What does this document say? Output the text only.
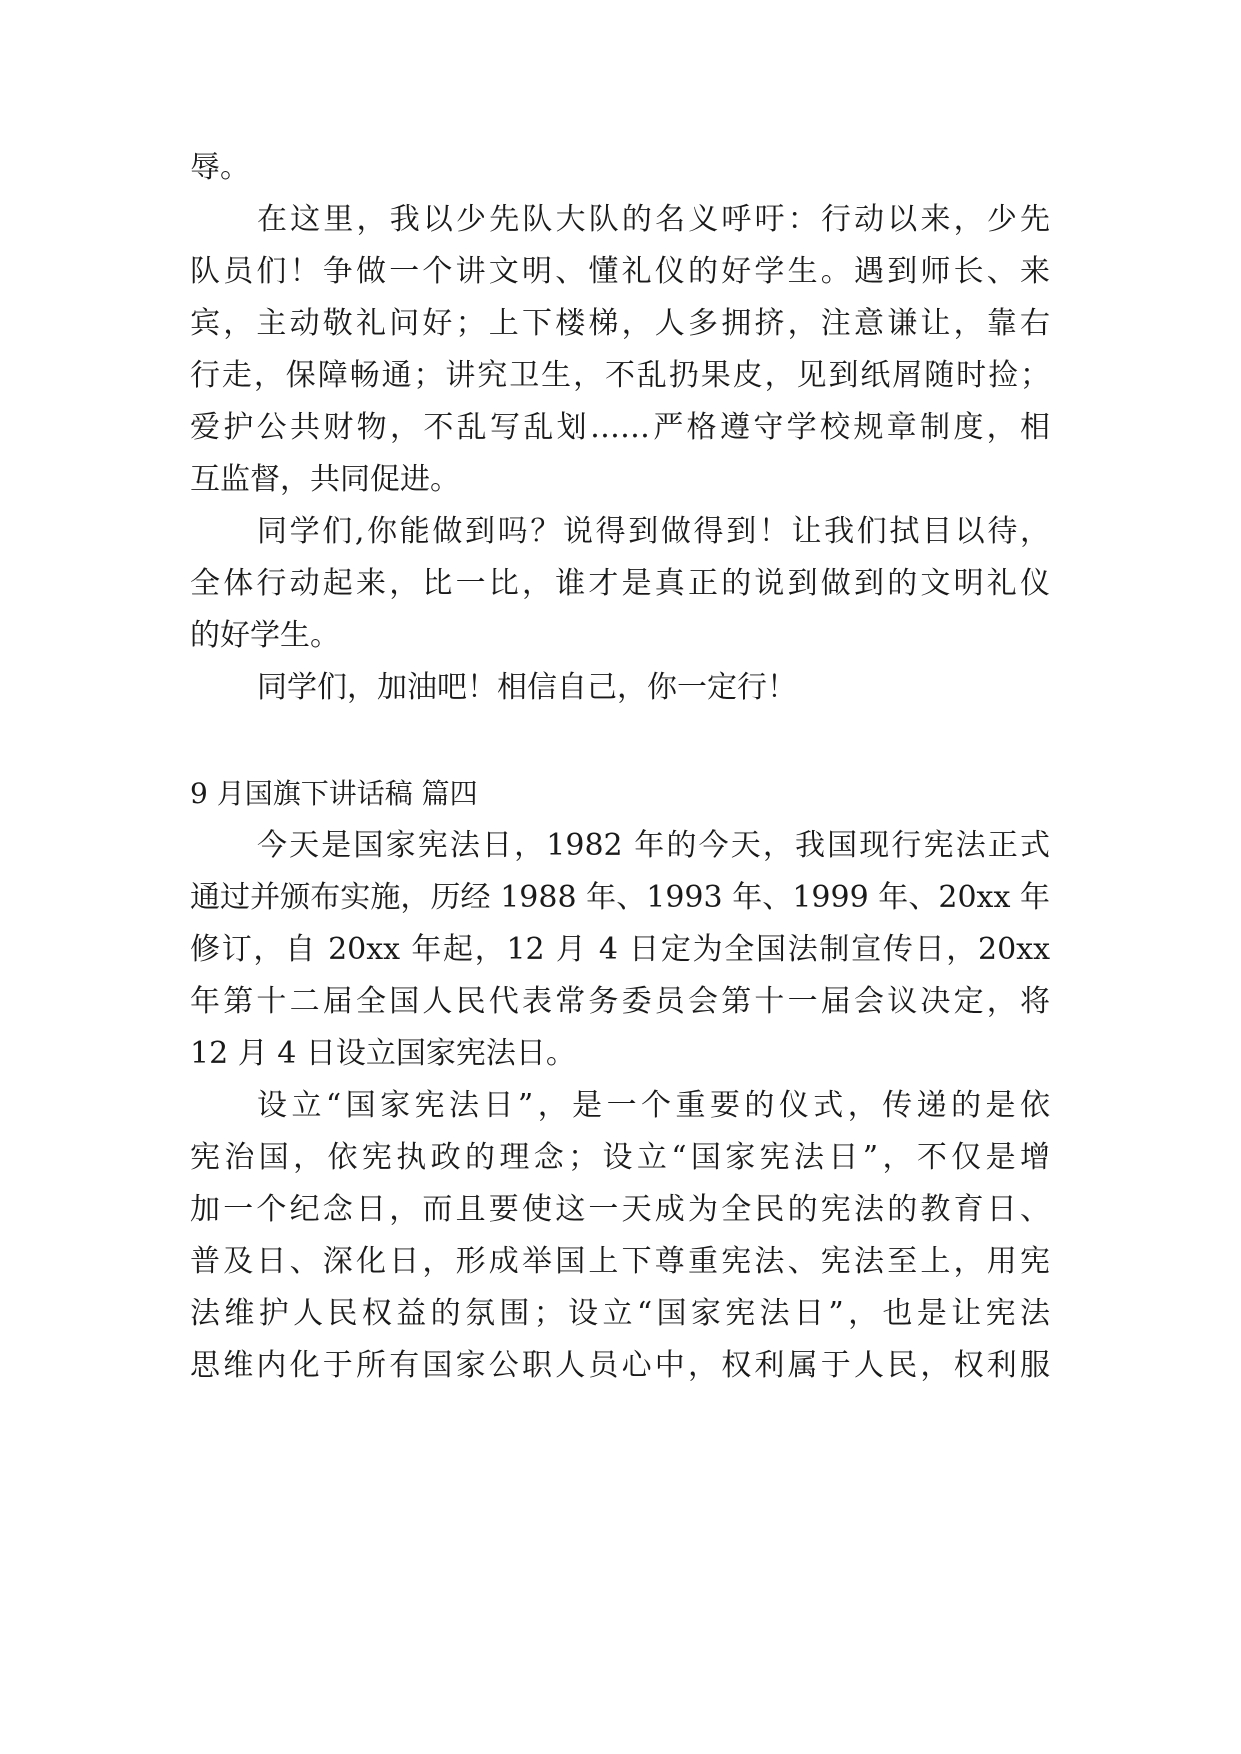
辱。
在这里，我以少先队大队的名义呼吁：行动以来，少先
队员们！争做一个讲文明、懂礼仪的好学生。遇到师长、来
宾，主动敬礼问好；上下楼梯，人多拥挤，注意谦让，靠右
行走，保障畅通；讲究卫生，不乱扔果皮，见到纸屑随时捡；
爱护公共财物，不乱写乱划……严格遵守学校规章制度，相
互监督，共同促进。
同学们,你能做到吗？说得到做得到！让我们拭目以待，
全体行动起来，比一比，谁才是真正的说到做到的文明礼仪
的好学生。
同学们，加油吧！相信自己，你一定行！
9 月国旗下讲话稿 篇四
今天是国家宪法日，1982 年的今天，我国现行宪法正式
通过并颁布实施，历经 1988 年、1993 年、1999 年、20xx 年
修订，自 20xx 年起，12 月 4 日定为全国法制宣传日，20xx
年第十二届全国人民代表常务委员会第十一届会议决定，将
12 月 4 日设立国家宪法日。
设立“国家宪法日”，是一个重要的仪式，传递的是依
宪治国，依宪执政的理念；设立“国家宪法日”，不仅是增
加一个纪念日，而且要使这一天成为全民的宪法的教育日、
普及日、深化日，形成举国上下尊重宪法、宪法至上，用宪
法维护人民权益的氛围；设立“国家宪法日”，也是让宪法
思维内化于所有国家公职人员心中，权利属于人民，权利服
